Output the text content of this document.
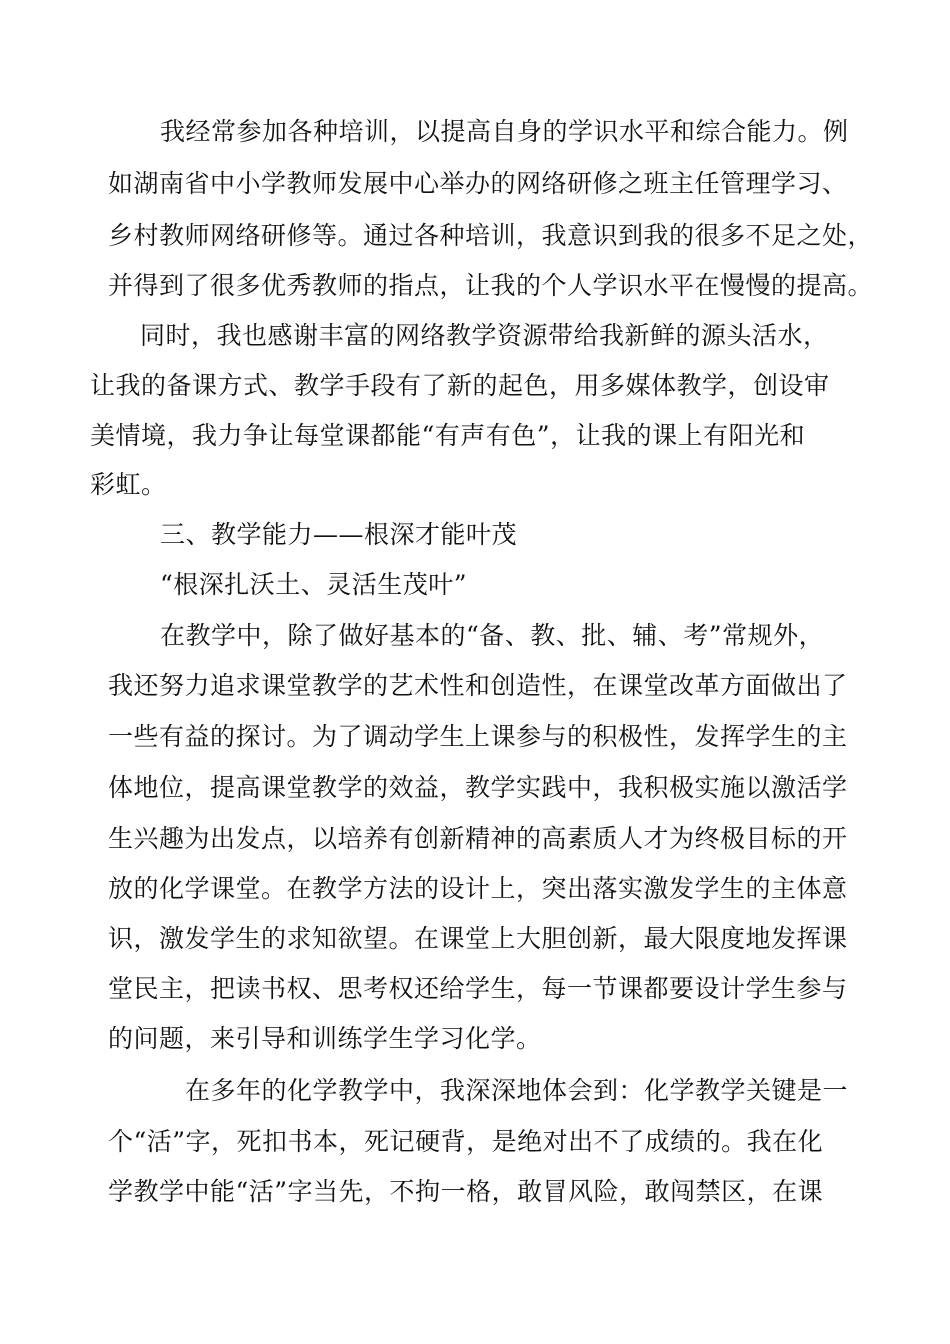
我经常参加各种培训，以提高自身的学识水平和综合能力。例
如湖南省中小学教师发展中心举办的网络研修之班主任管理学习、
乡村教师网络研修等。通过各种培训，我意识到我的很多不足之处，
并得到了很多优秀教师的指点，让我的个人学识水平在慢慢的提高。
同时，我也感谢丰富的网络教学资源带给我新鲜的源头活水，
让我的备课方式、教学手段有了新的起色，用多媒体教学，创设审
美情境，我力争让每堂课都能“有声有色”，让我的课上有阳光和
彩虹。
三、教学能力——根深才能叶茂
“根深扎沃土、灵活生茂叶”
在教学中，除了做好基本的“备、教、批、辅、考”常规外，
我还努力追求课堂教学的艺术性和创造性，在课堂改革方面做出了
一些有益的探讨。为了调动学生上课参与的积极性，发挥学生的主
体地位，提高课堂教学的效益，教学实践中，我积极实施以激活学
生兴趣为出发点，以培养有创新精神的高素质人才为终极目标的开
放的化学课堂。在教学方法的设计上，突出落实激发学生的主体意
识，激发学生的求知欲望。在课堂上大胆创新，最大限度地发挥课
堂民主，把读书权、思考权还给学生，每一节课都要设计学生参与
的问题，来引导和训练学生学习化学。
在多年的化学教学中，我深深地体会到：化学教学关键是一
个“活”字，死扣书本，死记硬背，是绝对出不了成绩的。我在化
学教学中能“活”字当先，不拘一格，敢冒风险，敢闯禁区，在课
